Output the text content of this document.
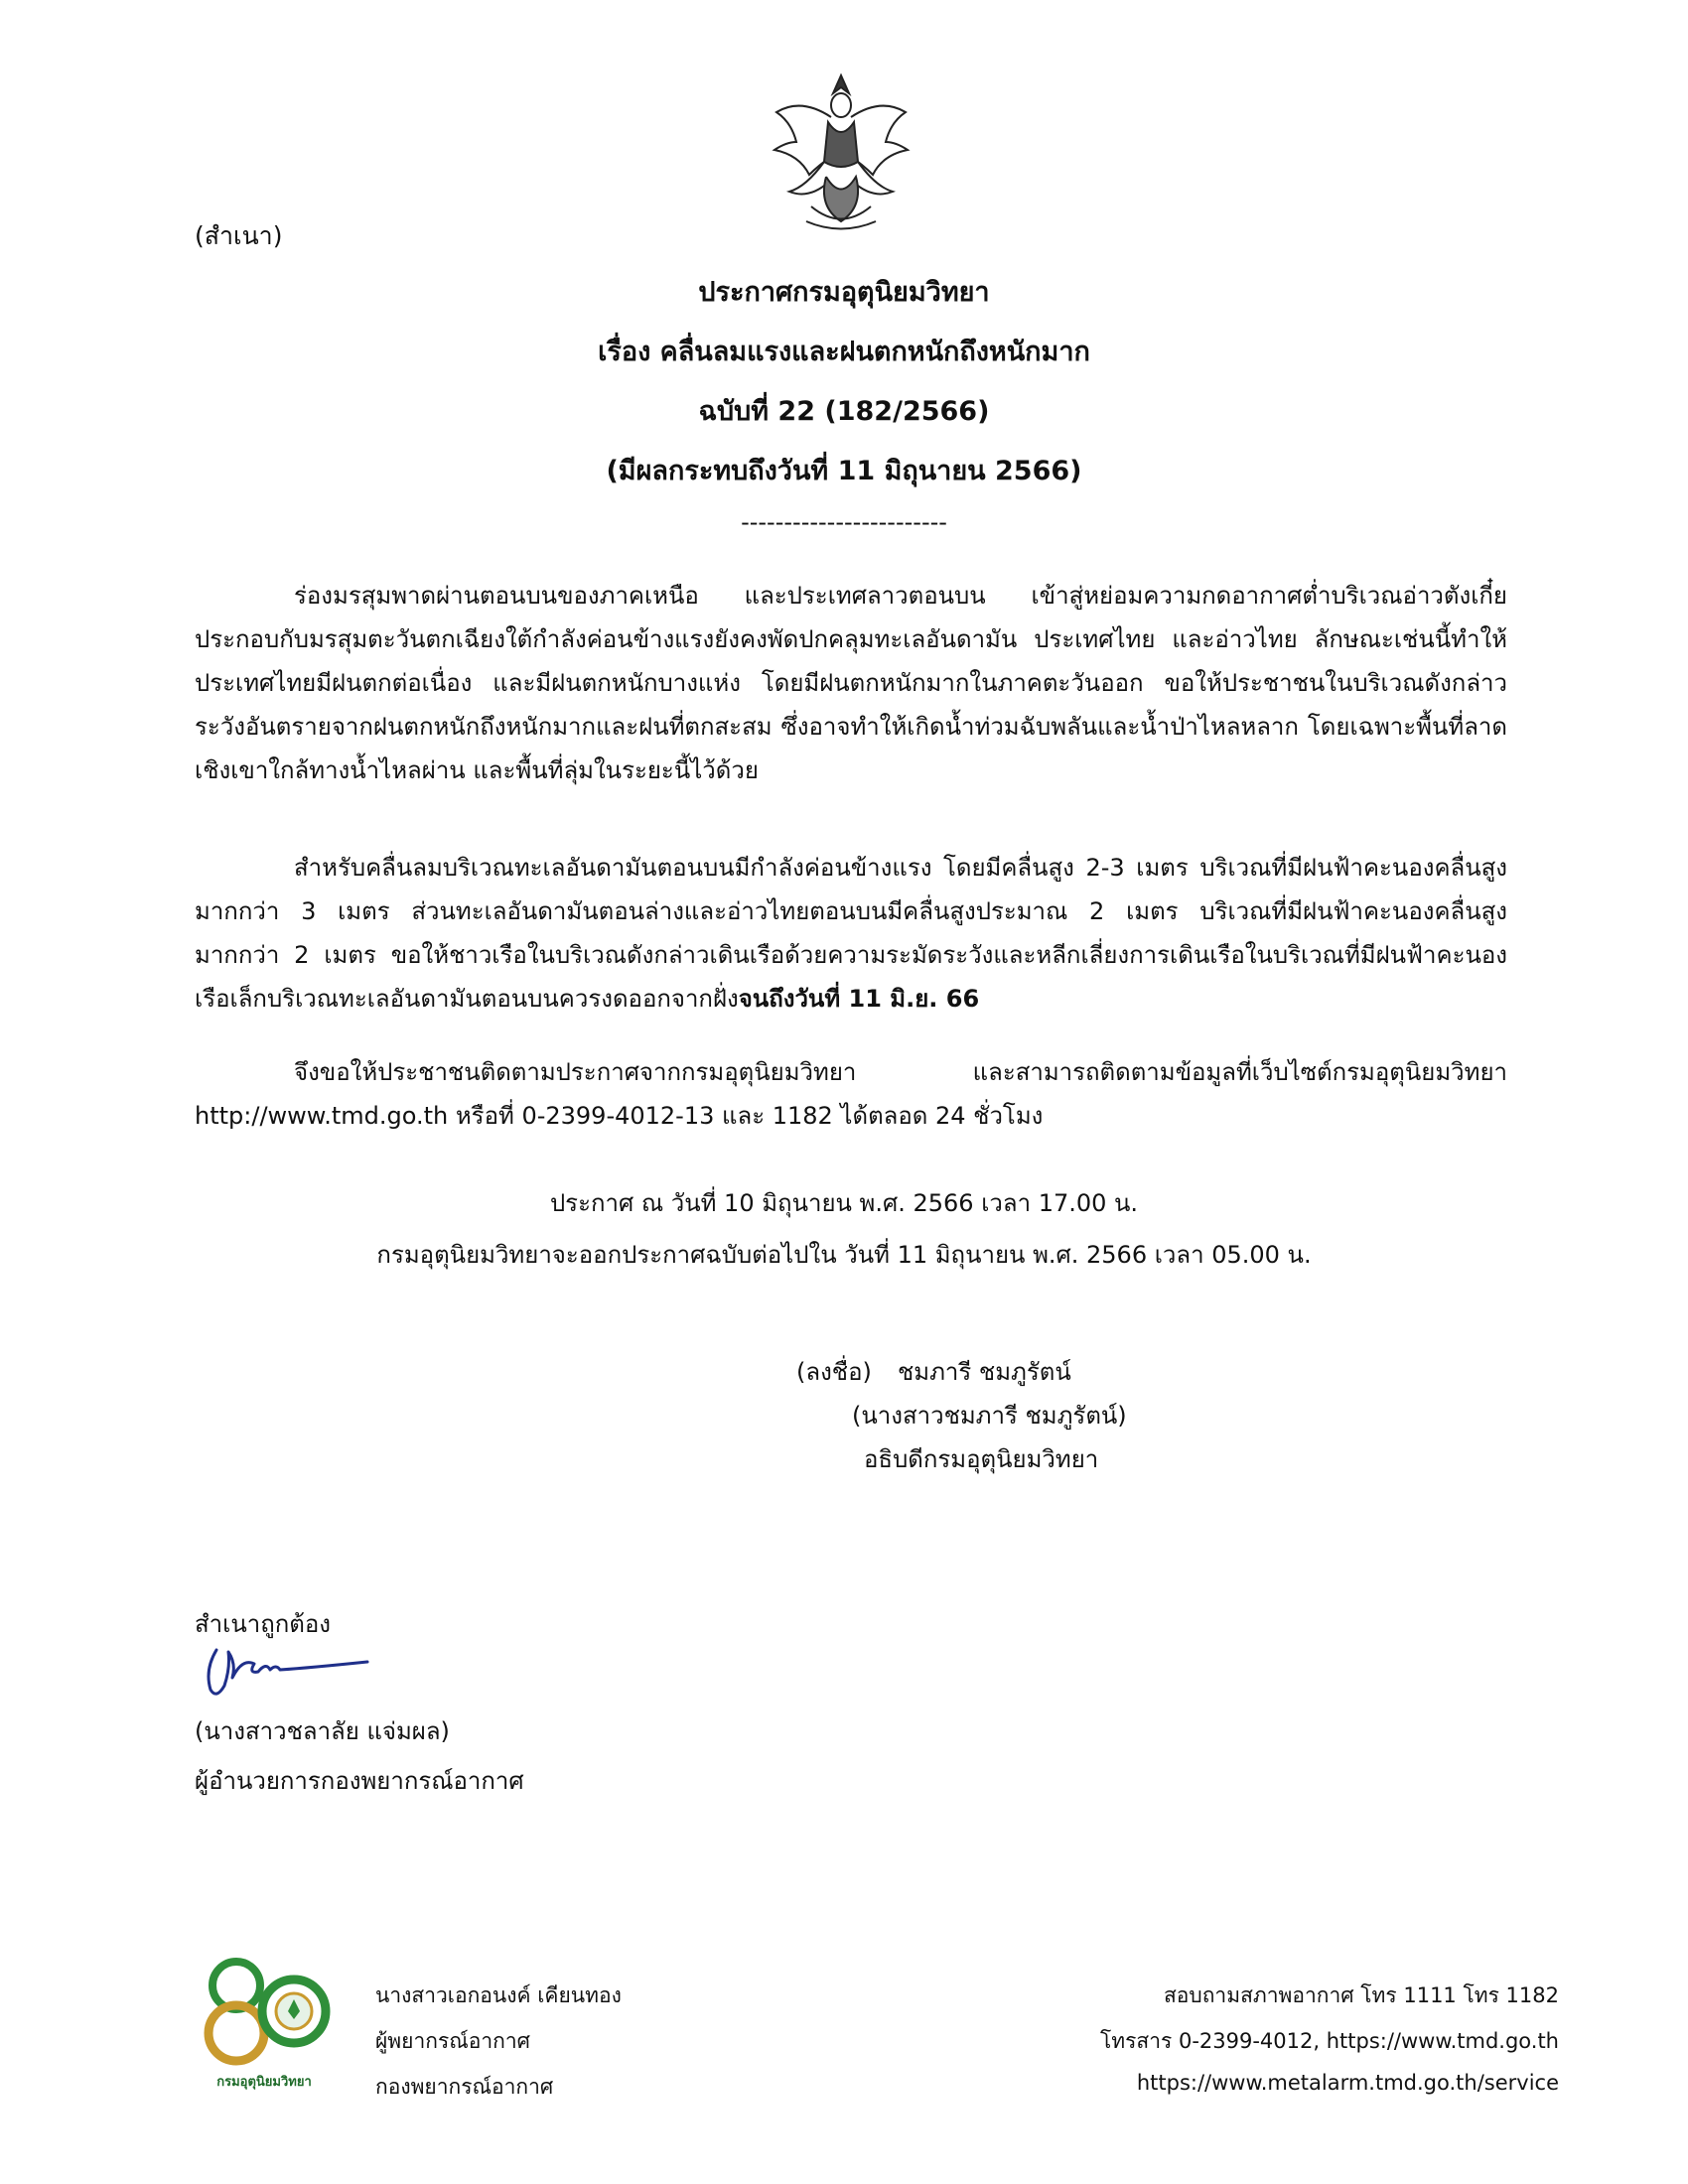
(สำเนา)
ประกาศกรมอุตุนิยมวิทยา
เรื่อง คลื่นลมแรงและฝนตกหนักถึงหนักมาก
ฉบับที่ 22 (182/2566)
(มีผลกระทบถึงวันที่ 11 มิถุนายน 2566)
------------------------
ร่องมรสุมพาดผ่านตอนบนของภาคเหนือ และประเทศลาวตอนบน เข้าสู่หย่อมความกดอากาศต่ำบริเวณอ่าวตังเกี๋ย ประกอบกับมรสุมตะวันตกเฉียงใต้กำลังค่อนข้างแรงยังคงพัดปกคลุมทะเลอันดามัน ประเทศไทย และอ่าวไทย ลักษณะเช่นนี้ทำให้ประเทศไทยมีฝนตกต่อเนื่อง และมีฝนตกหนักบางแห่ง โดยมีฝนตกหนักมากในภาคตะวันออก ขอให้ประชาชนในบริเวณดังกล่าวระวังอันตรายจากฝนตกหนักถึงหนักมากและฝนที่ตกสะสม ซึ่งอาจทำให้เกิดน้ำท่วมฉับพลันและน้ำป่าไหลหลาก โดยเฉพาะพื้นที่ลาดเชิงเขาใกล้ทางน้ำไหลผ่าน และพื้นที่ลุ่มในระยะนี้ไว้ด้วย
สำหรับคลื่นลมบริเวณทะเลอันดามันตอนบนมีกำลังค่อนข้างแรง โดยมีคลื่นสูง 2-3 เมตร บริเวณที่มีฝนฟ้าคะนองคลื่นสูงมากกว่า 3 เมตร ส่วนทะเลอันดามันตอนล่างและอ่าวไทยตอนบนมีคลื่นสูงประมาณ 2 เมตร บริเวณที่มีฝนฟ้าคะนองคลื่นสูงมากกว่า 2 เมตร ขอให้ชาวเรือในบริเวณดังกล่าวเดินเรือด้วยความระมัดระวังและหลีกเลี่ยงการเดินเรือในบริเวณที่มีฝนฟ้าคะนอง เรือเล็กบริเวณทะเลอันดามันตอนบนควรงดออกจากฝั่งจนถึงวันที่ 11 มิ.ย. 66
จึงขอให้ประชาชนติดตามประกาศจากกรมอุตุนิยมวิทยา และสามารถติดตามข้อมูลที่เว็บไซต์กรมอุตุนิยมวิทยา http://www.tmd.go.th หรือที่ 0-2399-4012-13 และ 1182 ได้ตลอด 24 ชั่วโมง
ประกาศ ณ วันที่ 10 มิถุนายน พ.ศ. 2566 เวลา 17.00 น.
กรมอุตุนิยมวิทยาจะออกประกาศฉบับต่อไปใน วันที่ 11 มิถุนายน พ.ศ. 2566 เวลา 05.00 น.
(ลงชื่อ) ชมภารี ชมภูรัตน์
(นางสาวชมภารี ชมภูรัตน์)
อธิบดีกรมอุตุนิยมวิทยา
สำเนาถูกต้อง
(นางสาวชลาลัย แจ่มผล)
ผู้อำนวยการกองพยากรณ์อากาศ
กรมอุตุนิยมวิทยา
นางสาวเอกอนงค์ เคียนทอง
ผู้พยากรณ์อากาศ
กองพยากรณ์อากาศ
สอบถามสภาพอากาศ โทร 1111 โทร 1182
โทรสาร 0-2399-4012, https://www.tmd.go.th
https://www.metalarm.tmd.go.th/service
